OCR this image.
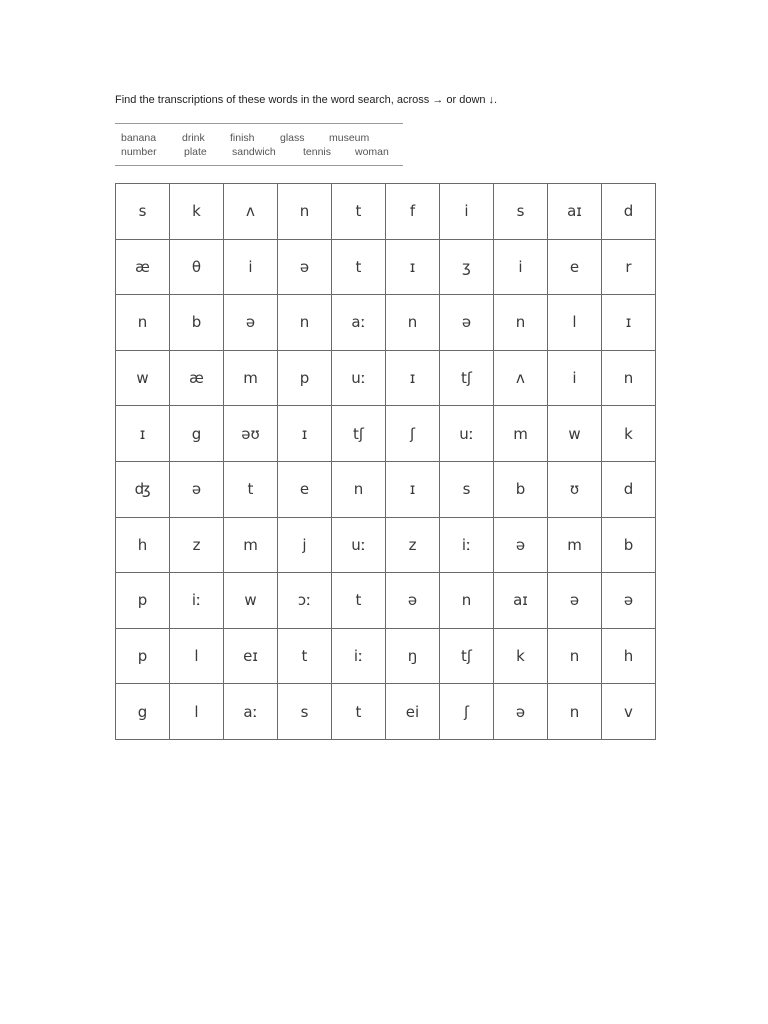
Find the transcriptions of these words in the word search, across → or down ↓.
banana drink finish glass museum
number	plate sandwich	tennis woman
s	k	ʌ	n	t	f	i	s	aɪ	d
æ	θ	i	ə	t	ɪ	ʒ	i	e	r
n	b	ə	n	aː	n	ə	n	l	ɪ
w	æ	m	p	uː	ɪ	tʃ	ʌ	i	n
ɪ	g	əʊ	ɪ	tʃ	ʃ	uː	m	w	k
ʤ	ə	t	e	n	ɪ	s	b	ʊ	d
h	z	m	j	uː	z	iː	ə	m	b
p	iː	w	ɔː	t	ə	n	aɪ	ə	ə
p	l	eɪ	t	iː	ŋ	tʃ	k	n	h
g	l	aː	s	t	ei	ʃ	ə	n	v
